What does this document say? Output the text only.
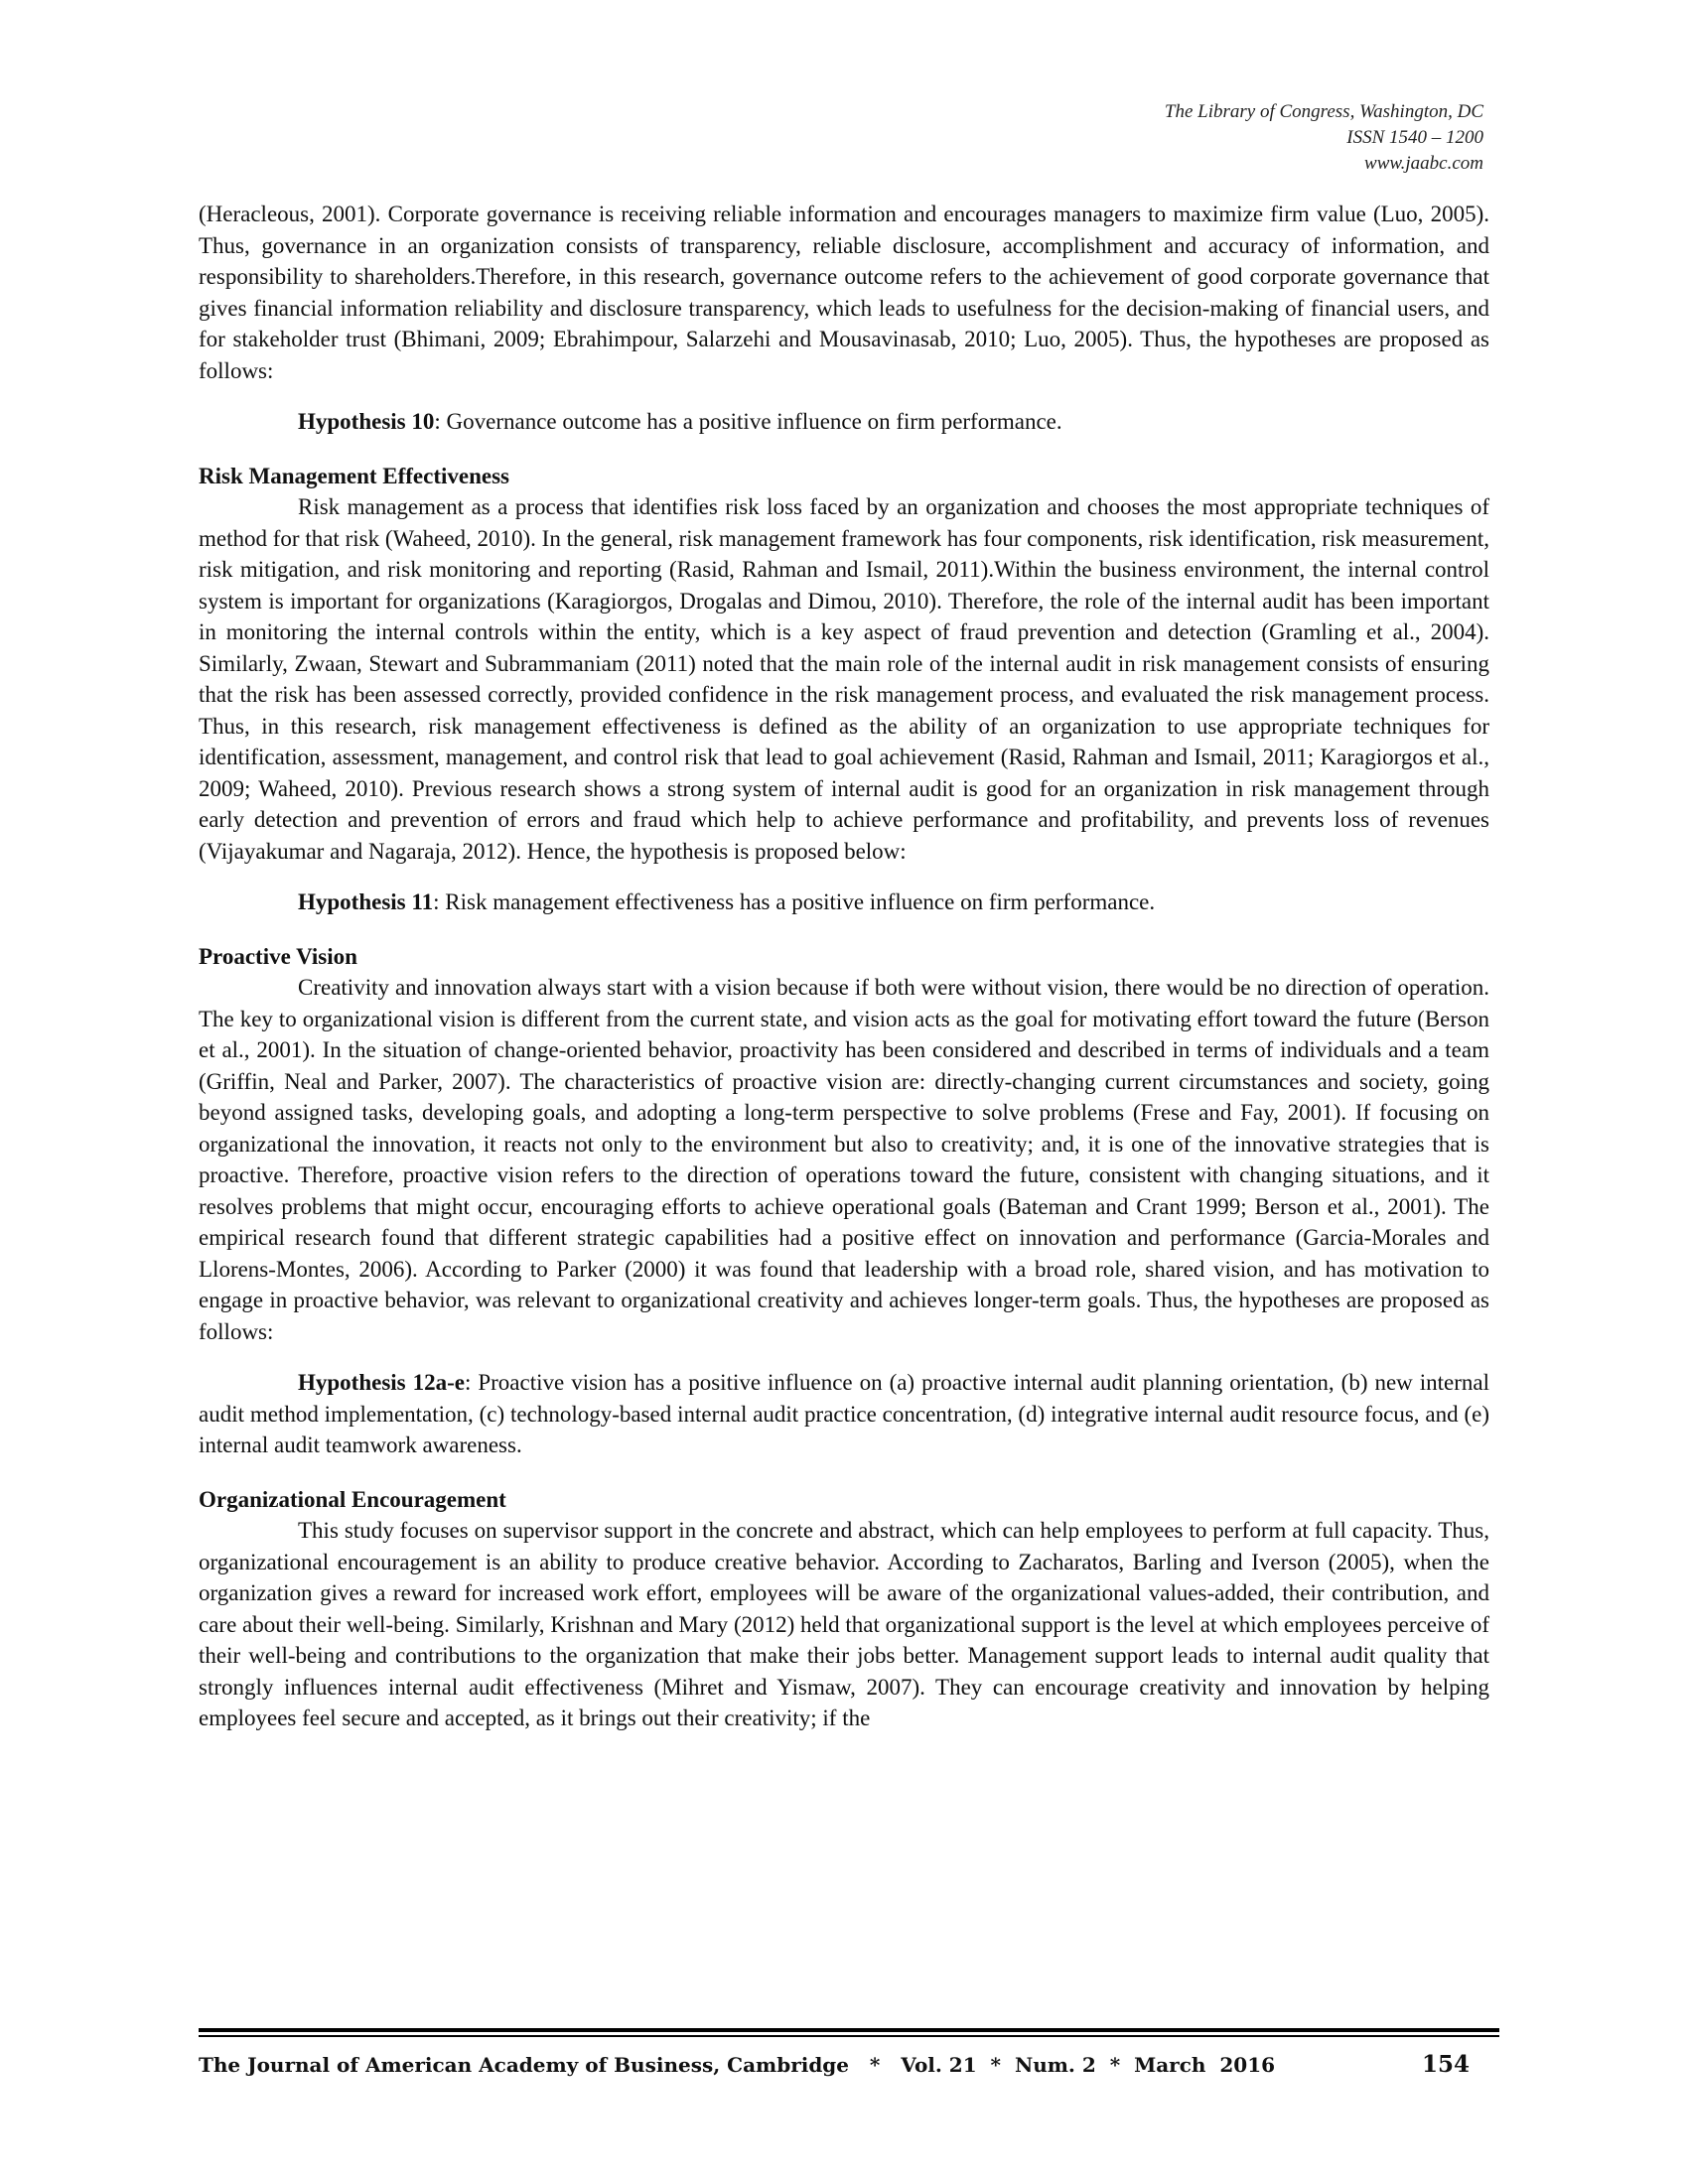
The Library of Congress, Washington, DC
ISSN 1540 – 1200
www.jaabc.com

(Heracleous, 2001). Corporate governance is receiving reliable information and encourages managers to maximize firm value (Luo, 2005). Thus, governance in an organization consists of transparency, reliable disclosure, accomplishment and accuracy of information, and responsibility to shareholders.Therefore, in this research, governance outcome refers to the achievement of good corporate governance that gives financial information reliability and disclosure transparency, which leads to usefulness for the decision-making of financial users, and for stakeholder trust (Bhimani, 2009; Ebrahimpour, Salarzehi and Mousavinasab, 2010; Luo, 2005). Thus, the hypotheses are proposed as follows:

Hypothesis 10: Governance outcome has a positive influence on firm performance.

Risk Management Effectiveness

Risk management as a process that identifies risk loss faced by an organization and chooses the most appropriate techniques of method for that risk (Waheed, 2010). In the general, risk management framework has four components, risk identification, risk measurement, risk mitigation, and risk monitoring and reporting (Rasid, Rahman and Ismail, 2011).Within the business environment, the internal control system is important for organizations (Karagiorgos, Drogalas and Dimou, 2010). Therefore, the role of the internal audit has been important in monitoring the internal controls within the entity, which is a key aspect of fraud prevention and detection (Gramling et al., 2004). Similarly, Zwaan, Stewart and Subrammaniam (2011) noted that the main role of the internal audit in risk management consists of ensuring that the risk has been assessed correctly, provided confidence in the risk management process, and evaluated the risk management process. Thus, in this research, risk management effectiveness is defined as the ability of an organization to use appropriate techniques for identification, assessment, management, and control risk that lead to goal achievement (Rasid, Rahman and Ismail, 2011; Karagiorgos et al., 2009; Waheed, 2010). Previous research shows a strong system of internal audit is good for an organization in risk management through early detection and prevention of errors and fraud which help to achieve performance and profitability, and prevents loss of revenues (Vijayakumar and Nagaraja, 2012). Hence, the hypothesis is proposed below:

Hypothesis 11: Risk management effectiveness has a positive influence on firm performance.

Proactive Vision

Creativity and innovation always start with a vision because if both were without vision, there would be no direction of operation. The key to organizational vision is different from the current state, and vision acts as the goal for motivating effort toward the future (Berson et al., 2001). In the situation of change-oriented behavior, proactivity has been considered and described in terms of individuals and a team (Griffin, Neal and Parker, 2007). The characteristics of proactive vision are: directly-changing current circumstances and society, going beyond assigned tasks, developing goals, and adopting a long-term perspective to solve problems (Frese and Fay, 2001). If focusing on organizational the innovation, it reacts not only to the environment but also to creativity; and, it is one of the innovative strategies that is proactive. Therefore, proactive vision refers to the direction of operations toward the future, consistent with changing situations, and it resolves problems that might occur, encouraging efforts to achieve operational goals (Bateman and Crant 1999; Berson et al., 2001). The empirical research found that different strategic capabilities had a positive effect on innovation and performance (Garcia-Morales and Llorens-Montes, 2006). According to Parker (2000) it was found that leadership with a broad role, shared vision, and has motivation to engage in proactive behavior, was relevant to organizational creativity and achieves longer-term goals. Thus, the hypotheses are proposed as follows:

Hypothesis 12a-e: Proactive vision has a positive influence on (a) proactive internal audit planning orientation, (b) new internal audit method implementation, (c) technology-based internal audit practice concentration, (d) integrative internal audit resource focus, and (e) internal audit teamwork awareness.

Organizational Encouragement

This study focuses on supervisor support in the concrete and abstract, which can help employees to perform at full capacity. Thus, organizational encouragement is an ability to produce creative behavior. According to Zacharatos, Barling and Iverson (2005), when the organization gives a reward for increased work effort, employees will be aware of the organizational values-added, their contribution, and care about their well-being. Similarly, Krishnan and Mary (2012) held that organizational support is the level at which employees perceive of their well-being and contributions to the organization that make their jobs better. Management support leads to internal audit quality that strongly influences internal audit effectiveness (Mihret and Yismaw, 2007). They can encourage creativity and innovation by helping employees feel secure and accepted, as it brings out their creativity; if the

The Journal of American Academy of Business, Cambridge   *   Vol. 21  *  Num. 2  *  March  2016	154
